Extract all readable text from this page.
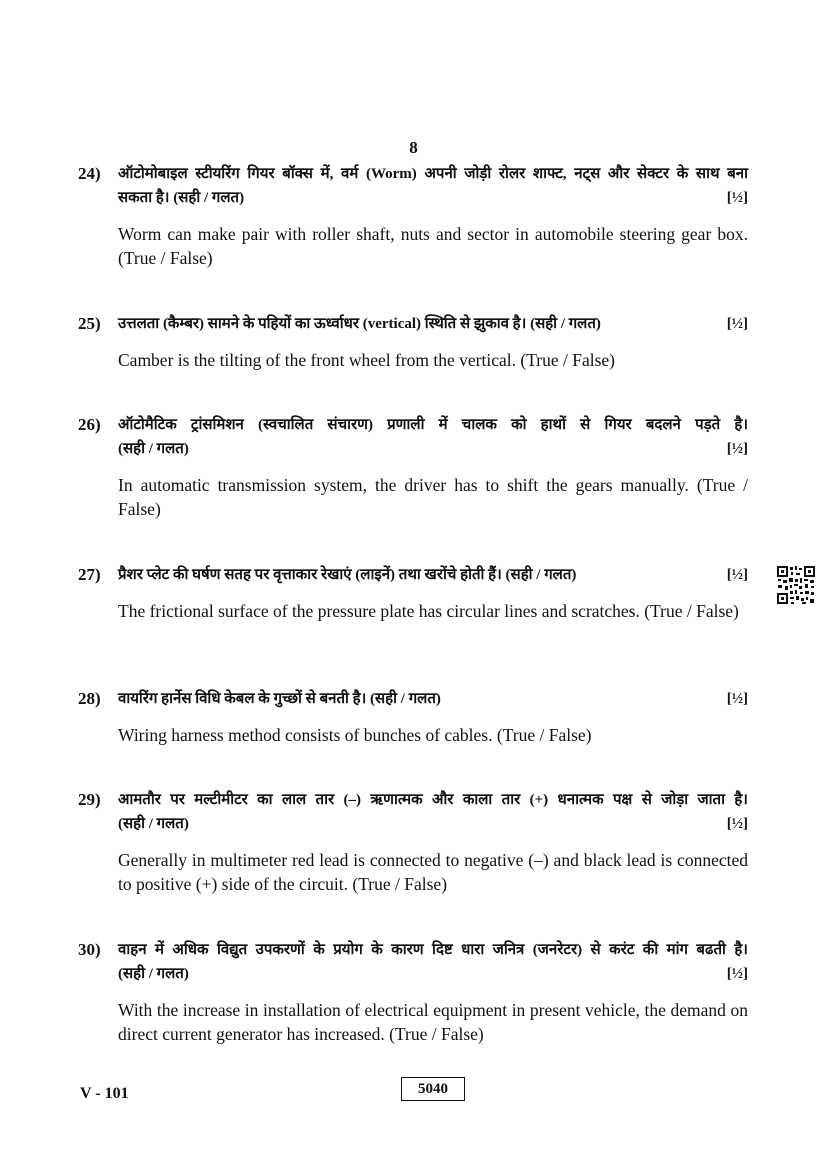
8
24) ऑटोमोबाइल स्टीयरिंग गियर बॉक्स में, वर्म (Worm) अपनी जोड़ी रोलर शाफ्ट, नट्स और सेक्टर के साथ बना
सकता है। (सही / गलत)	[½]
Worm can make pair with roller shaft, nuts and sector in automobile steering gear box. (True / False)
25) उत्तलता (कैम्बर) सामने के पहियों का ऊर्ध्वाधर (vertical) स्थिति से झुकाव है। (सही / गलत)	[½]
Camber is the tilting of the front wheel from the vertical. (True / False)
26) ऑटोमैटिक ट्रांसमिशन (स्वचालित संचारण) प्रणाली में चालक को हाथों से गियर बदलने पड़ते है।
(सही / गलत)	[½]
In automatic transmission system, the driver has to shift the gears manually. (True / False)
27) प्रैशर प्लेट की घर्षण सतह पर वृत्ताकार रेखाएं (लाइनें) तथा खरोंचे होती हैं। (सही / गलत)	[½]
The frictional surface of the pressure plate has circular lines and scratches. (True / False)
28) वायरिंग हार्नेस विधि केबल के गुच्छों से बनती है। (सही / गलत)	[½]
Wiring harness method consists of bunches of cables. (True / False)
29) आमतौर पर मल्टीमीटर का लाल तार (–) ऋणात्मक और काला तार (+) धनात्मक पक्ष से जोड़ा जाता है।
(सही / गलत)	[½]
Generally in multimeter red lead is connected to negative (–) and black lead is connected to positive (+) side of the circuit. (True / False)
30) वाहन में अधिक विद्युत उपकरणों के प्रयोग के कारण दिष्ट धारा जनित्र (जनरेटर) से करंट की मांग बढती है।
(सही / गलत)	[½]
With the increase in installation of electrical equipment in present vehicle, the demand on direct current generator has increased. (True / False)
V - 101	5040
